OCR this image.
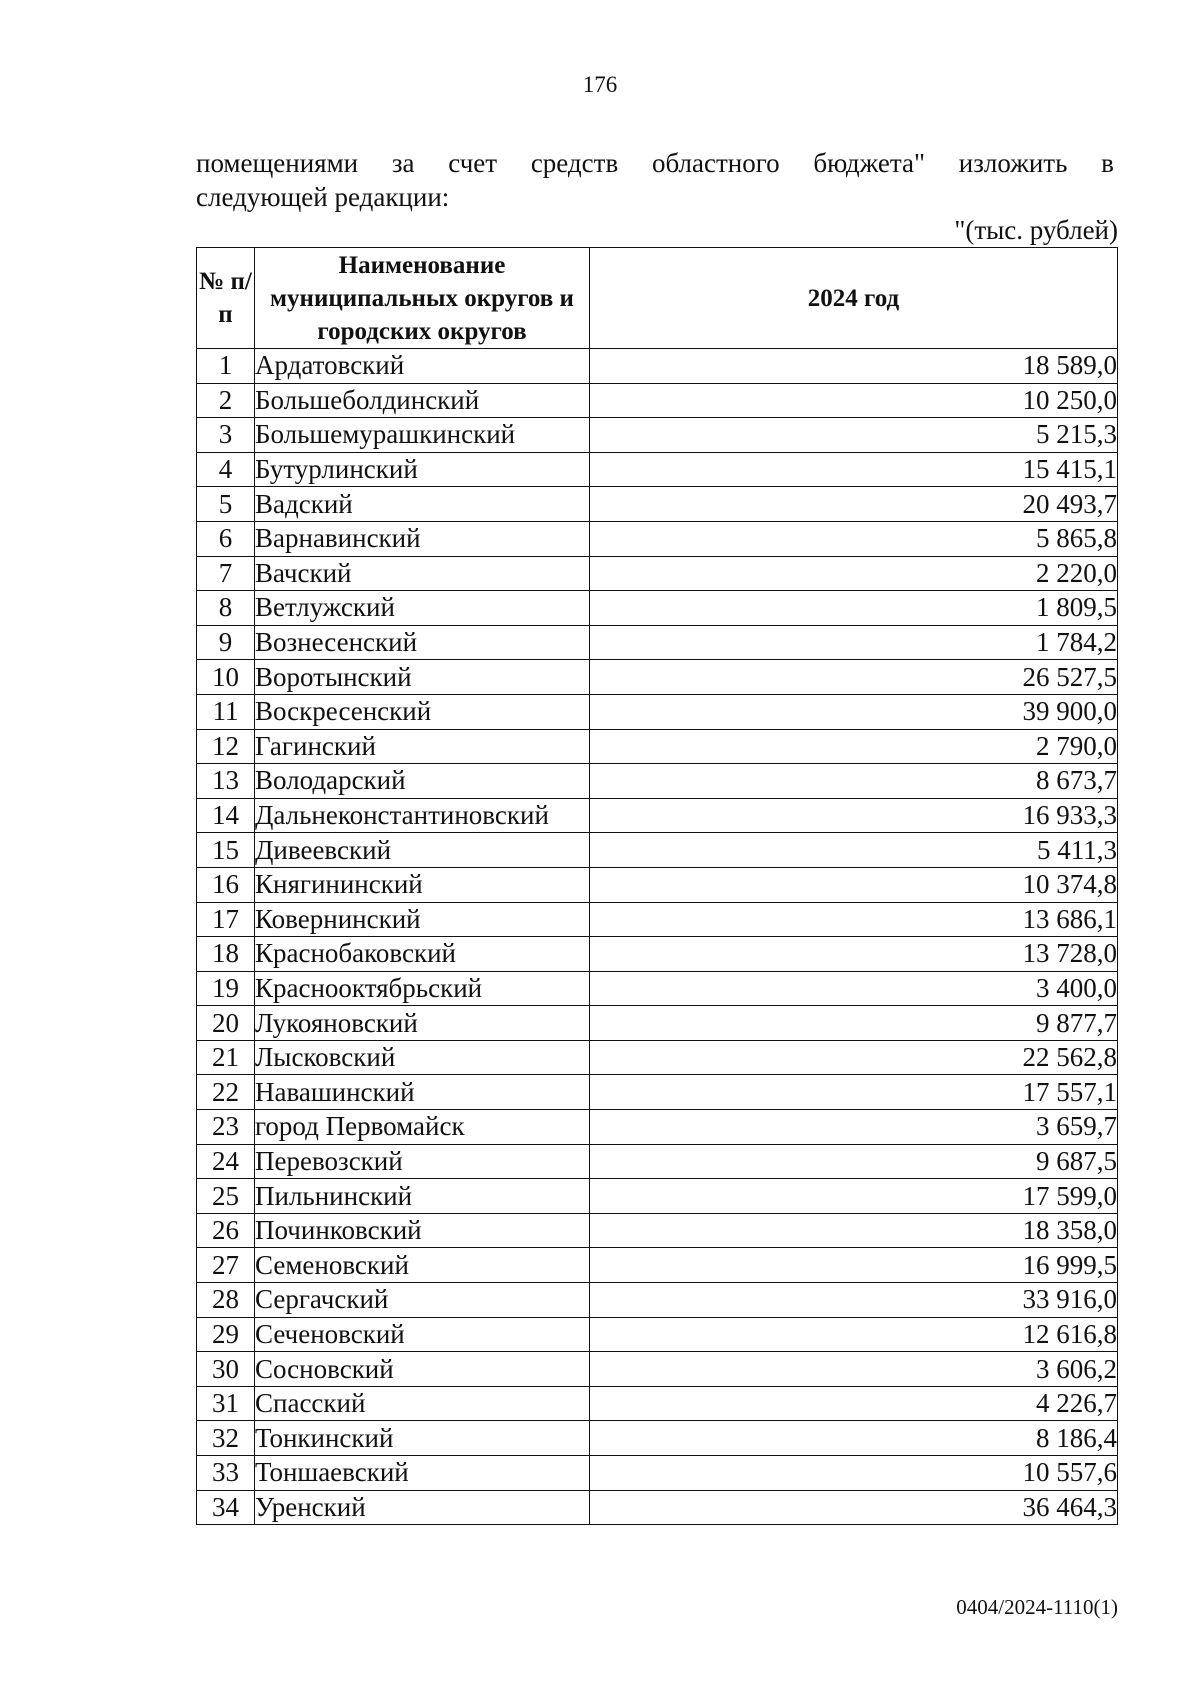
176
помещениями за счет средств областного бюджета" изложить в
следующей редакции:
"(тыс. рублей)
№ п/п	Наименование муниципальных округов и городских округов	2024 год
1	Ардатовский	18 589,0
2	Большеболдинский	10 250,0
3	Большемурашкинский	5 215,3
4	Бутурлинский	15 415,1
5	Вадский	20 493,7
6	Варнавинский	5 865,8
7	Вачский	2 220,0
8	Ветлужский	1 809,5
9	Вознесенский	1 784,2
10	Воротынский	26 527,5
11	Воскресенский	39 900,0
12	Гагинский	2 790,0
13	Володарский	8 673,7
14	Дальнеконстантиновский	16 933,3
15	Дивеевский	5 411,3
16	Княгининский	10 374,8
17	Ковернинский	13 686,1
18	Краснобаковский	13 728,0
19	Краснооктябрьский	3 400,0
20	Лукояновский	9 877,7
21	Лысковский	22 562,8
22	Навашинский	17 557,1
23	город Первомайск	3 659,7
24	Перевозский	9 687,5
25	Пильнинский	17 599,0
26	Починковский	18 358,0
27	Семеновский	16 999,5
28	Сергачский	33 916,0
29	Сеченовский	12 616,8
30	Сосновский	3 606,2
31	Спасский	4 226,7
32	Тонкинский	8 186,4
33	Тоншаевский	10 557,6
34	Уренский	36 464,3
0404/2024-1110(1)
